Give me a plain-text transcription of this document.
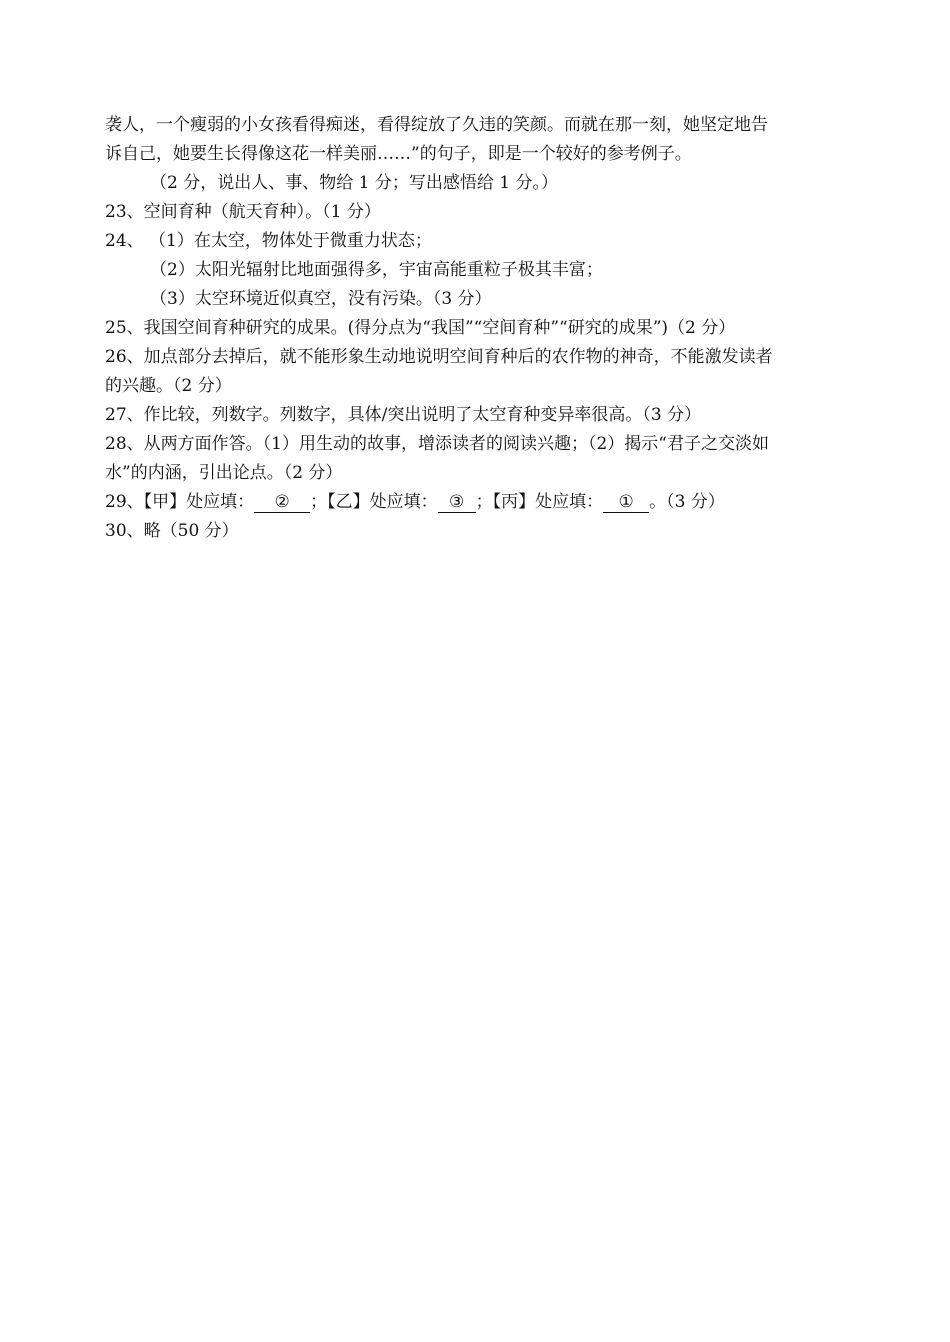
袭人，一个瘦弱的小女孩看得痴迷，看得绽放了久违的笑颜。而就在那一刻，她坚定地告
诉自己，她要生长得像这花一样美丽……”的句子，即是一个较好的参考例子。
（2 分，说出人、事、物给 1 分；写出感悟给 1 分。）
23、空间育种（航天育种）。（1 分）
24、 （1）在太空，物体处于微重力状态；
（2）太阳光辐射比地面强得多，宇宙高能重粒子极其丰富；
（3）太空环境近似真空，没有污染。（3 分）
25、我国空间育种研究的成果。(得分点为“我国”“空间育种”“研究的成果”)（2 分）
26、加点部分去掉后，就不能形象生动地说明空间育种后的农作物的神奇，不能激发读者
的兴趣。（2 分）
27、作比较，列数字。列数字，具体/突出说明了太空育种变异率很高。（3 分）
28、从两方面作答。（1）用生动的故事，增添读者的阅读兴趣；（2）揭示“君子之交淡如
水”的内涵，引出论点。（2 分）
29、【甲】处应填： ② ；【乙】处应填： ③ ；【丙】处应填： ① 。（3 分）
30、略（50 分）
